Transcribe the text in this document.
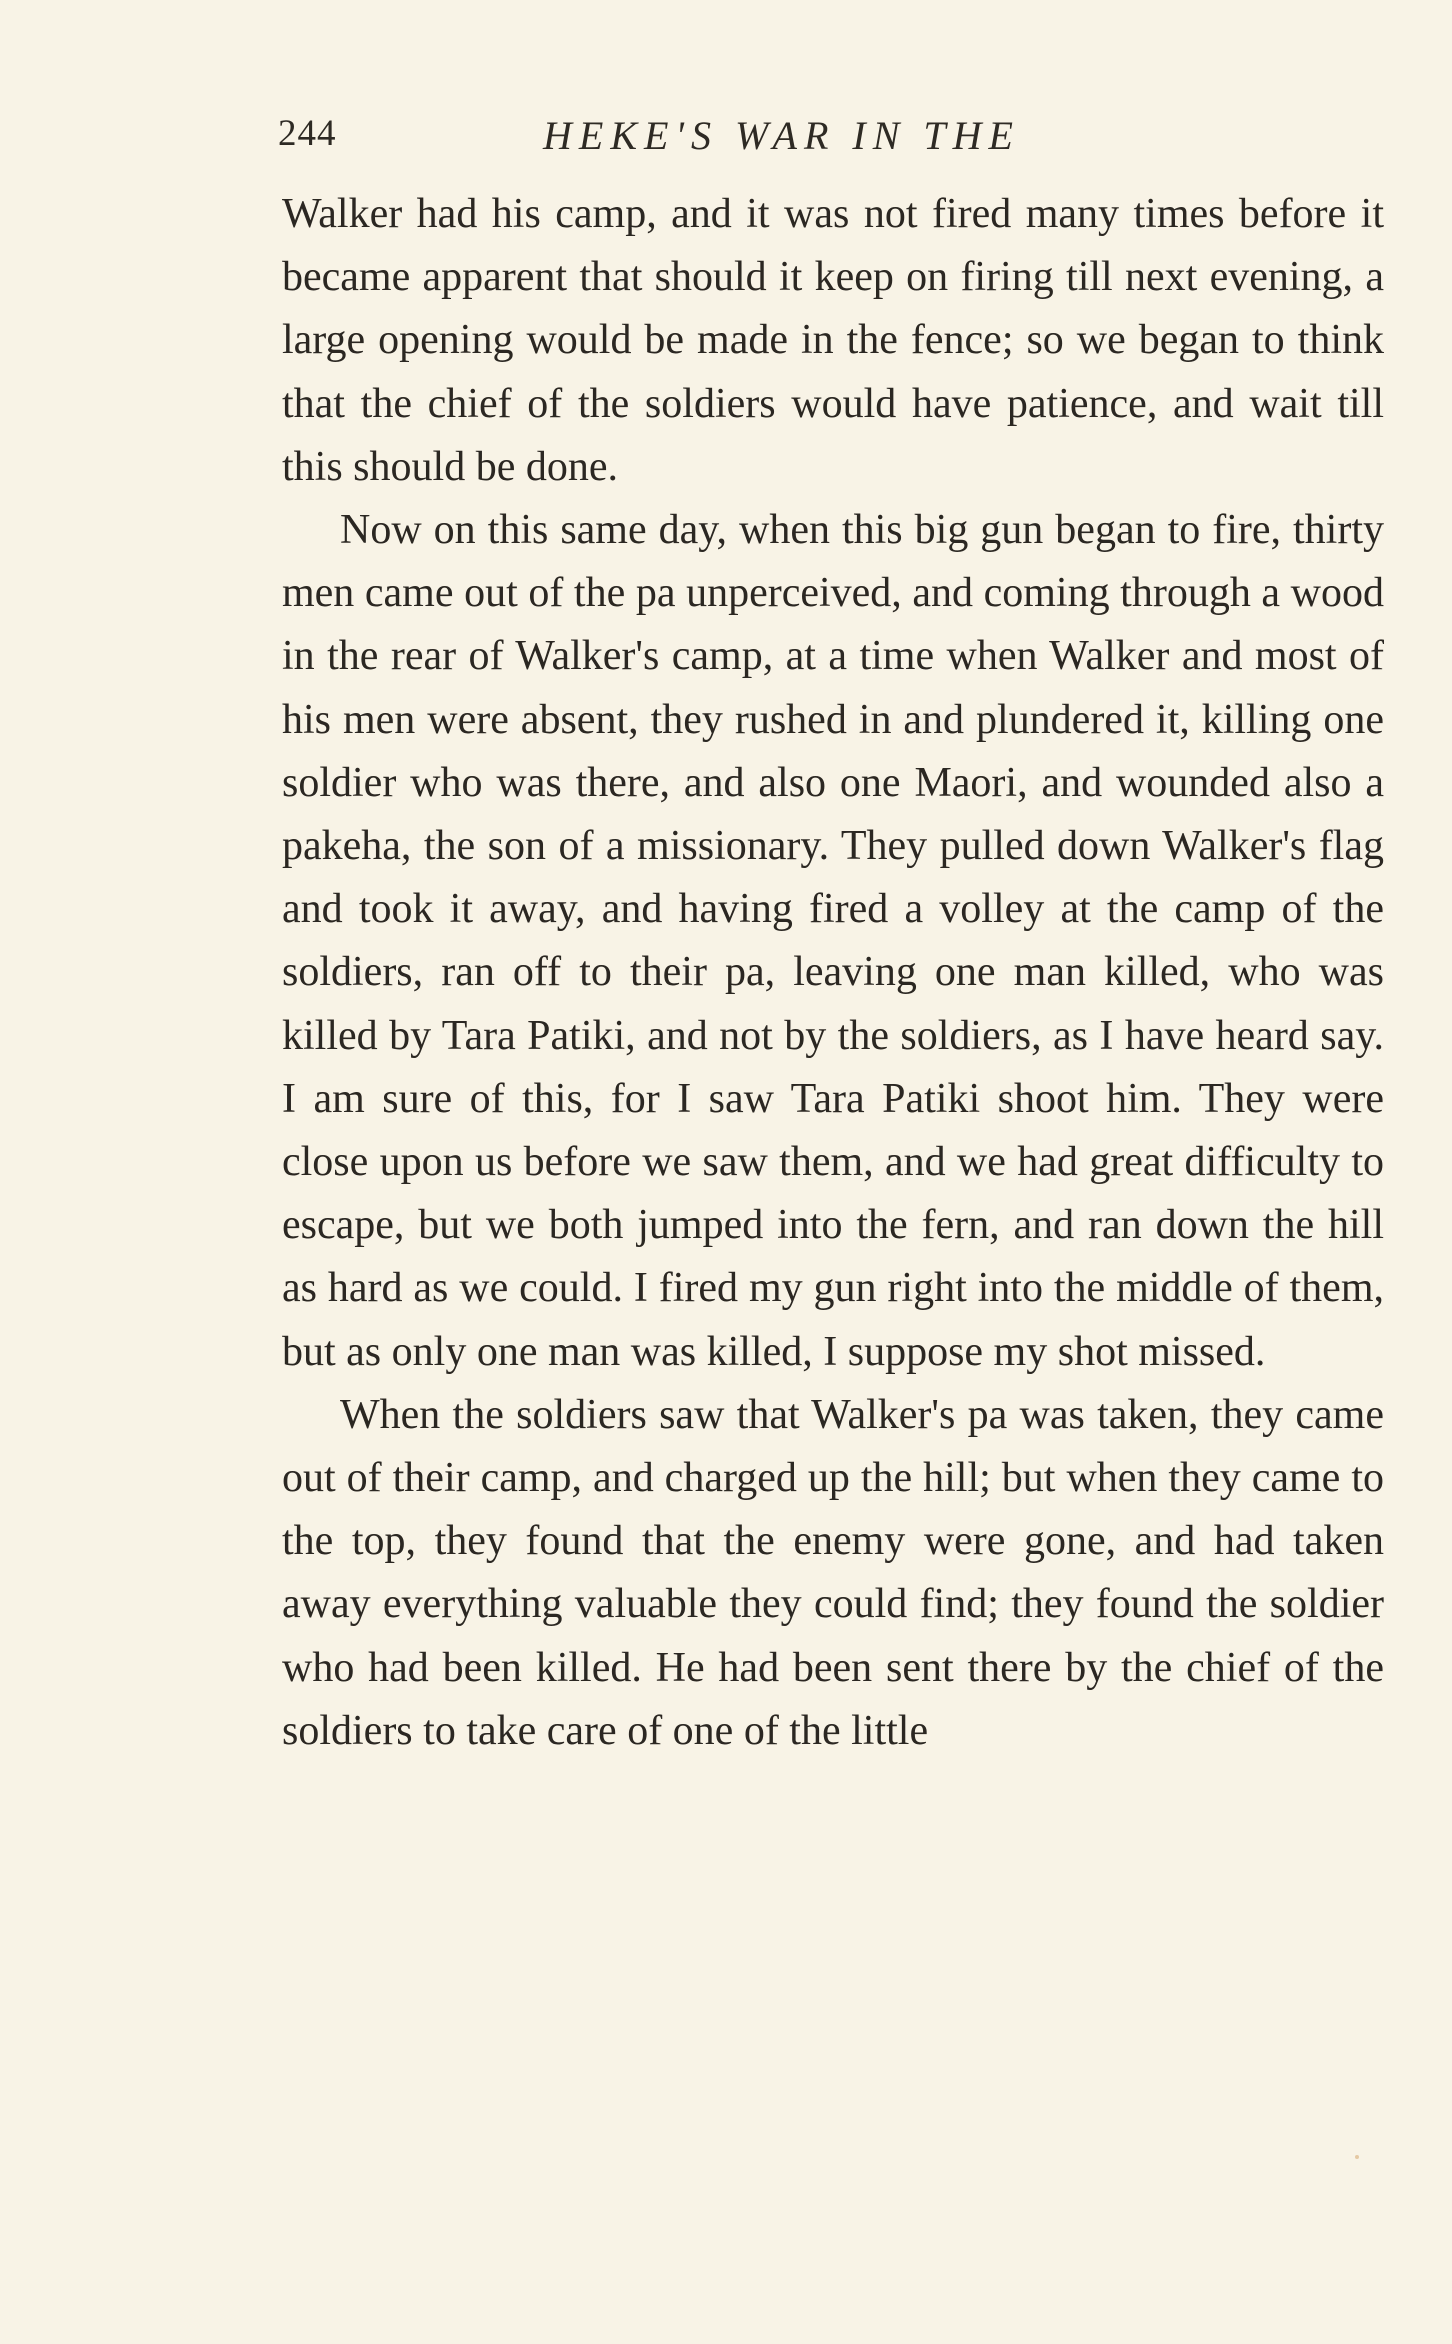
244	HEKE'S WAR IN THE

Walker had his camp, and it was not fired many times before it became apparent that should it keep on firing till next evening, a large opening would be made in the fence; so we began to think that the chief of the soldiers would have patience, and wait till this should be done.

Now on this same day, when this big gun began to fire, thirty men came out of the pa unperceived, and coming through a wood in the rear of Walker's camp, at a time when Walker and most of his men were absent, they rushed in and plundered it, killing one soldier who was there, and also one Maori, and wounded also a pakeha, the son of a missionary. They pulled down Walker's flag and took it away, and having fired a volley at the camp of the soldiers, ran off to their pa, leaving one man killed, who was killed by Tara Patiki, and not by the soldiers, as I have heard say. I am sure of this, for I saw Tara Patiki shoot him. They were close upon us before we saw them, and we had great difficulty to escape, but we both jumped into the fern, and ran down the hill as hard as we could. I fired my gun right into the middle of them, but as only one man was killed, I suppose my shot missed.

When the soldiers saw that Walker's pa was taken, they came out of their camp, and charged up the hill; but when they came to the top, they found that the enemy were gone, and had taken away everything valuable they could find; they found the soldier who had been killed. He had been sent there by the chief of the soldiers to take care of one of the little
